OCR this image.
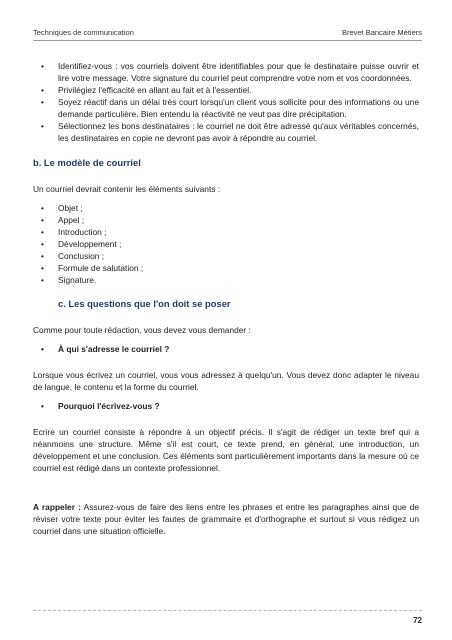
Techniques de communication	Brevet Bancaire Métiers
• Identifiez-vous : vos courriels doivent être identifiables pour que le destinataire puisse ouvrir et lire votre message. Votre signature du courriel peut comprendre votre nom et vos coordonnées.
• Privilégiez l'efficacité en allant au fait et à l'essentiel.
• Soyez réactif dans un délai très court lorsqu'un client vous sollicite pour des informations ou une demande particulière. Bien entendu la réactivité ne veut pas dire précipitation.
• Sélectionnez les bons destinataires : le courriel ne doit être adressé qu'aux véritables concernés, les destinataires en copie ne devront pas avoir à répondre au courriel.
b. Le modèle de courriel

Un courriel devrait contenir les éléments suivants :

• Objet ;
• Appel ;
• Introduction ;
• Développement ;
• Conclusion ;
• Formule de salutation ;
• Signature.
c. Les questions que l'on doit se poser

Comme pour toute rédaction, vous devez vous demander :

• À qui s'adresse le courriel ?

Lorsque vous écrivez un courriel, vous vous adressez à quelqu'un. Vous devez donc adapter le niveau de langue, le contenu et la forme du courriel.

• Pourquoi l'écrivez-vous ?

Ecrire un courriel consiste à répondre à un objectif précis. Il s'agit de rédiger un texte bref qui a néanmoins une structure. Même s'il est court, ce texte prend, en général, une introduction, un développement et une conclusion. Ces éléments sont particulièrement importants dans la mesure où ce courriel est rédigé dans un contexte professionnel.

A rappeler : Assurez-vous de faire des liens entre les phrases et entre les paragraphes ainsi que de réviser votre texte pour éviter les fautes de grammaire et d'orthographe et surtout si vous rédigez un courriel dans une situation officielle.

72
